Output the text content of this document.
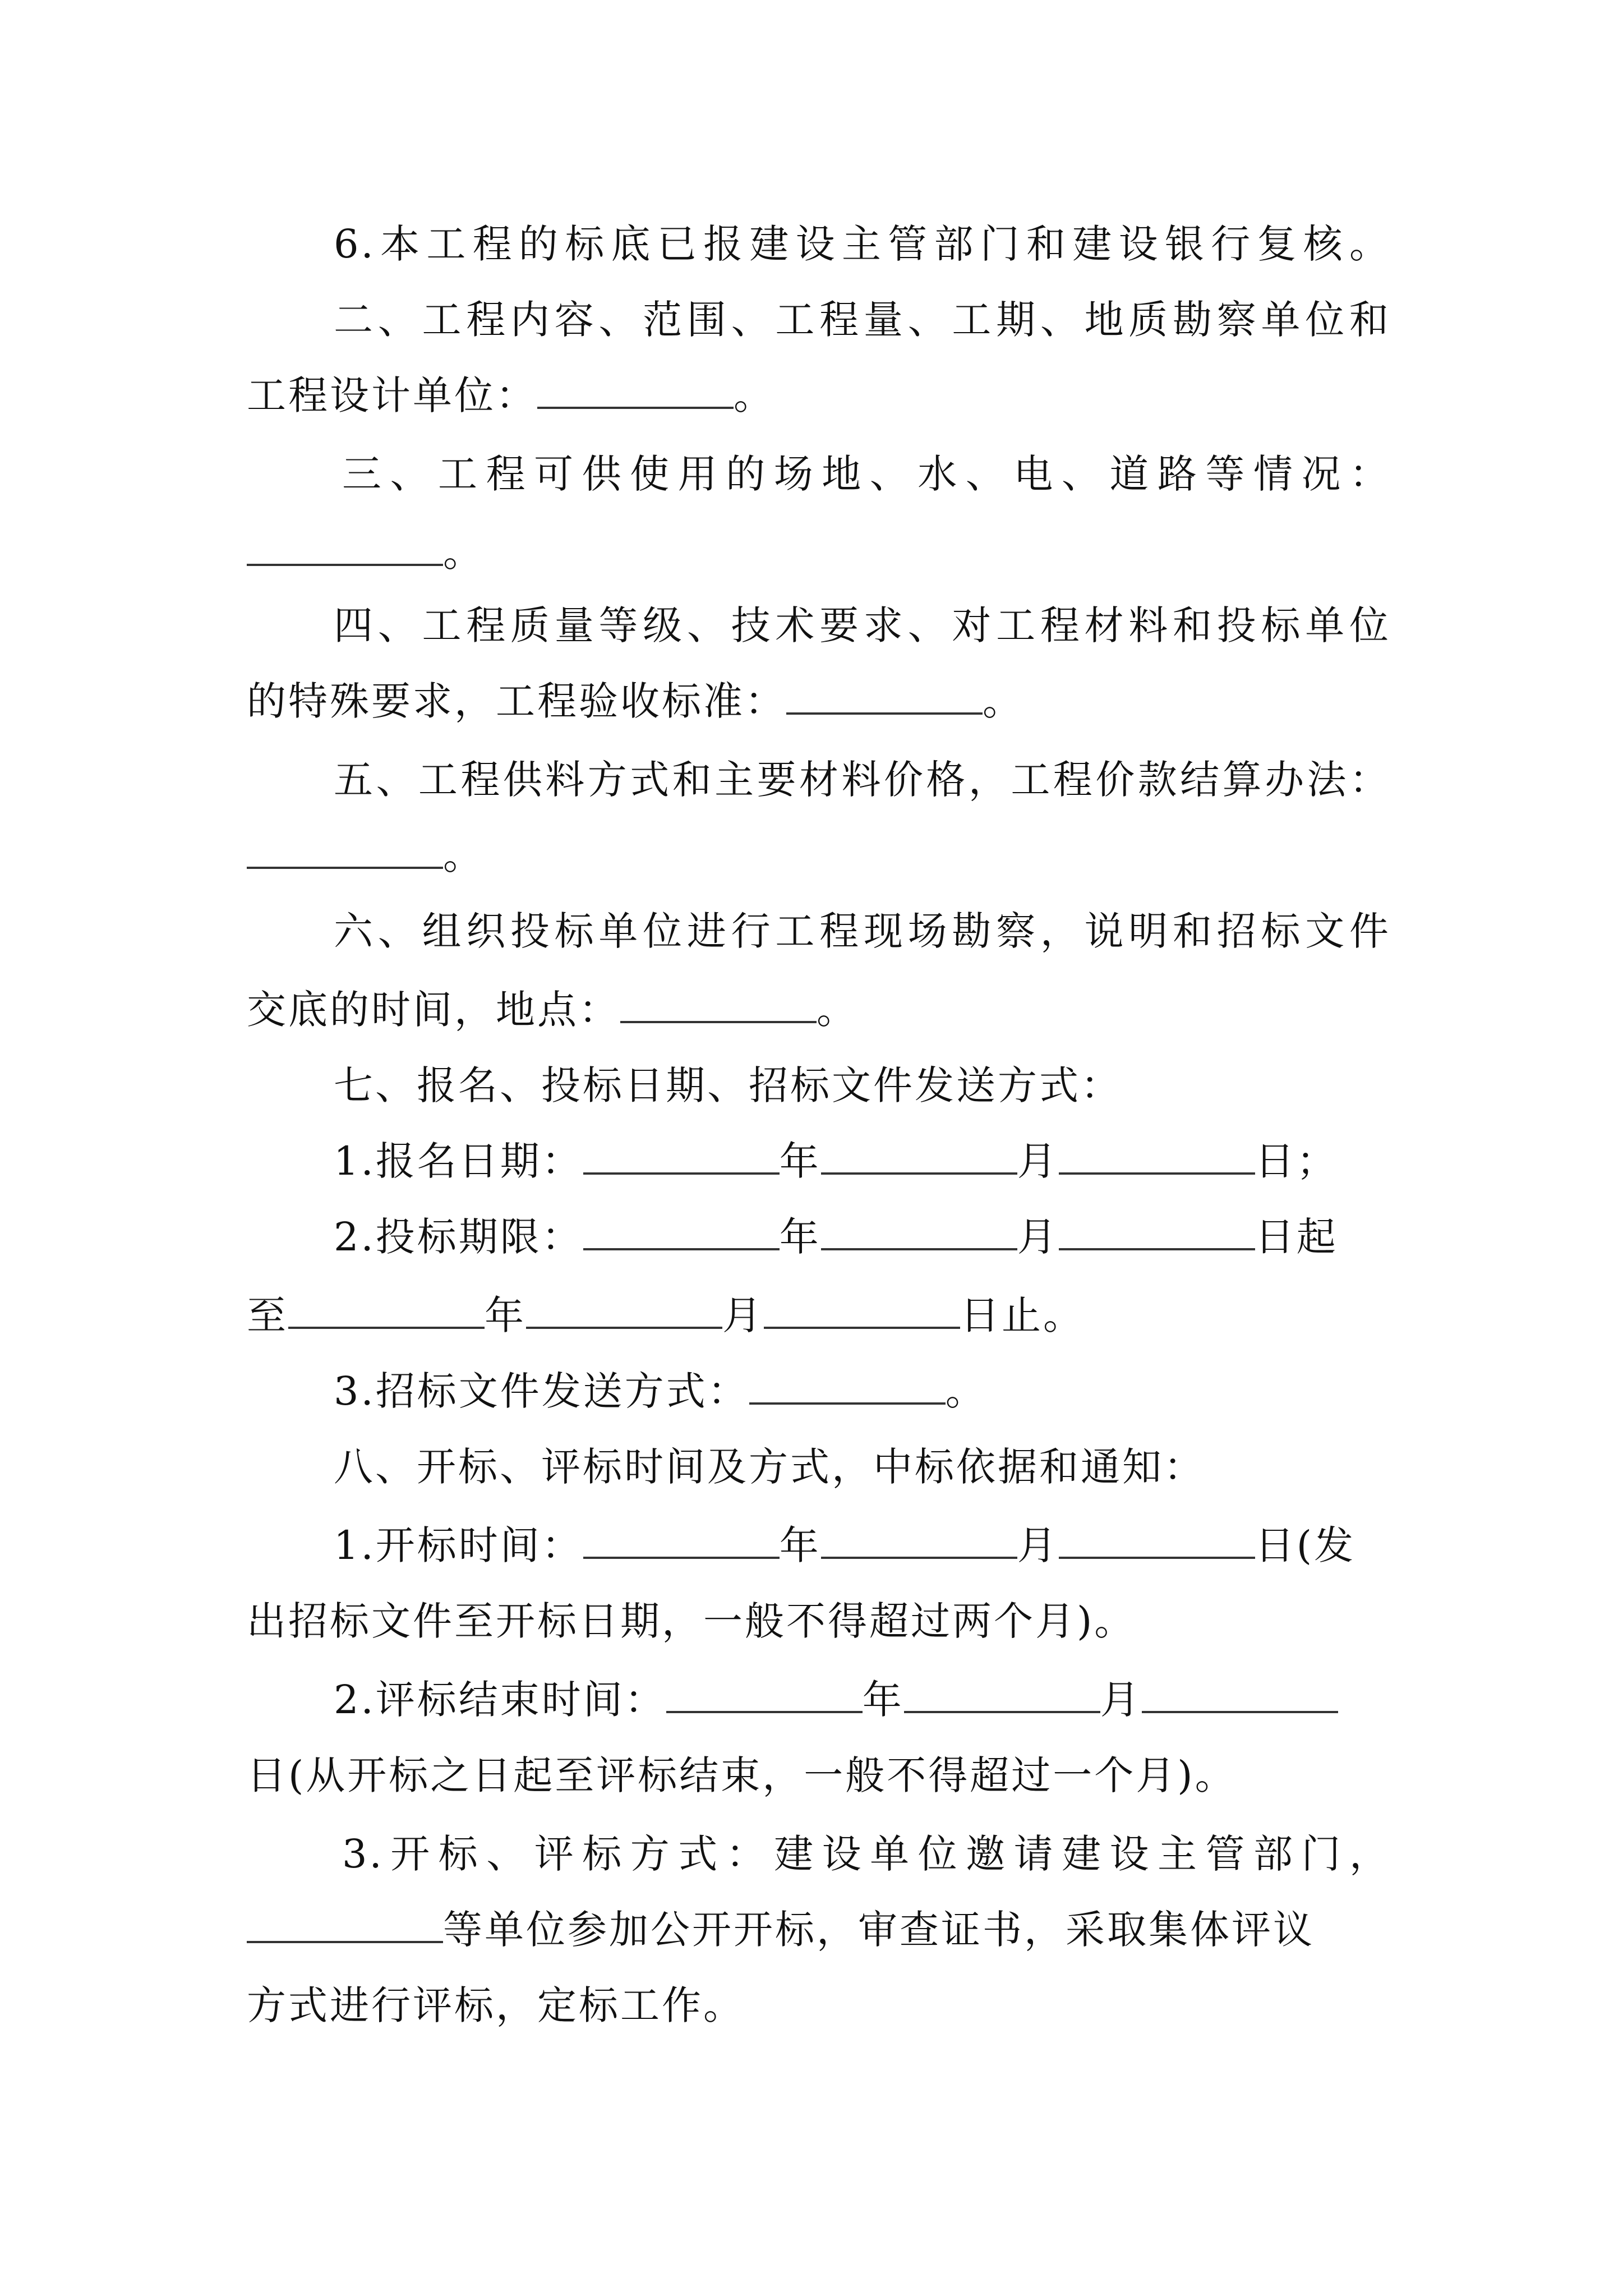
6.本工程的标底已报建设主管部门和建设银行复核。
二、工程内容、范围、工程量、工期、地质勘察单位和
工程设计单位：	。
三、工程可供使用的场地、水、电、道路等情况：
。
四、工程质量等级、技术要求、对工程材料和投标单位
的特殊要求，工程验收标准：	。
五、工程供料方式和主要材料价格，工程价款结算办法：
。
六、组织投标单位进行工程现场勘察，说明和招标文件
交底的时间，地点：	。
七、报名、投标日期、招标文件发送方式：
1.报名日期：	年	月	日；
2.投标期限：	年	月	日起
至	年	月	日止。
3.招标文件发送方式：	。
八、开标、评标时间及方式，中标依据和通知：
1.开标时间：	年	月	日(发
出招标文件至开标日期，一般不得超过两个月)。
2.评标结束时间：	年	月
日(从开标之日起至评标结束，一般不得超过一个月)。
3.开标、评标方式：建设单位邀请建设主管部门，
等单位参加公开开标，审查证书，采取集体评议
方式进行评标，定标工作。
